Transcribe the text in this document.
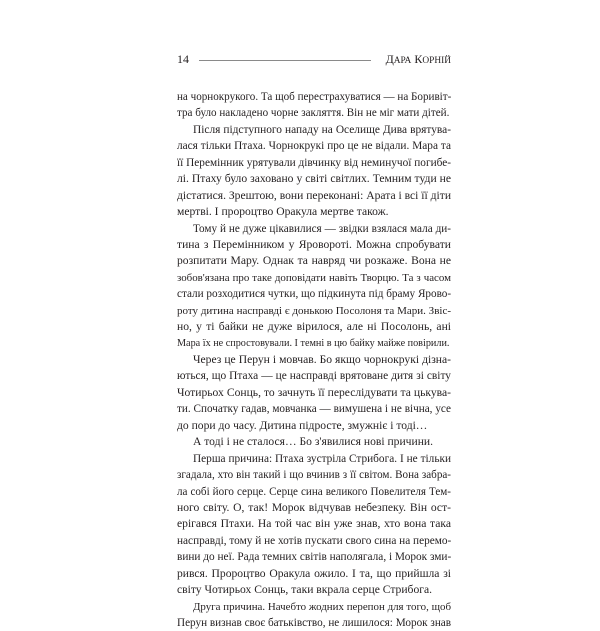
14	ДАРА КОРНІЙ
на чорнокрукого. Та щоб перестрахуватися — на Боривіт-
тра було накладено чорне закляття. Він не міг мати дітей.
Після підступного нападу на Оселище Дива врятува-
лася тільки Птаха. Чорнокрукі про це не відали. Мара та
її Перемінник урятували дівчинку від неминучої погибе-
лі. Птаху було заховано у світі світлих. Темним туди не
дістатися. Зрештою, вони переконані: Арата і всі її діти
мертві. І пророцтво Оракула мертве також.
Тому й не дуже цікавилися — звідки взялася мала ди-
тина з Перемінником у Яровороті. Можна спробувати
розпитати Мару. Однак та навряд чи розкаже. Вона не
зобов'язана про таке доповідати навіть Творцю. Та з часом
стали розходитися чутки, що підкинута під браму Ярово-
роту дитина насправді є донькою Посолоня та Мари. Звіс-
но, у ті байки не дуже вірилося, але ні Посолонь, ані
Мара їх не спростовували. І темні в цю байку майже повірили.
Через це Перун і мовчав. Бо якщо чорнокрукі дізна-
ються, що Птаха — це насправді врятоване дитя зі світу
Чотирьох Сонць, то зачнуть її переслідувати та цькува-
ти. Спочатку гадав, мовчанка — вимушена і не вічна, усе
до пори до часу. Дитина підросте, змужніє і тоді…
А тоді і не сталося… Бо з'явилися нові причини.
Перша причина: Птаха зустріла Стрибога. І не тільки
згадала, хто він такий і що вчинив з її світом. Вона забра-
ла собі його серце. Серце сина великого Повелителя Тем-
ного світу. О, так! Морок відчував небезпеку. Він ост-
ерігався Птахи. На той час він уже знав, хто вона така
насправді, тому й не хотів пускати свого сина на перемо-
вини до неї. Рада темних світів наполягала, і Морок зми-
рився. Пророцтво Оракула ожило. І та, що прийшла зі
світу Чотирьох Сонць, таки вкрала серце Стрибога.
Друга причина. Начебто жодних перепон для того, щоб
Перун визнав своє батьківство, не лишилося: Морок знав
